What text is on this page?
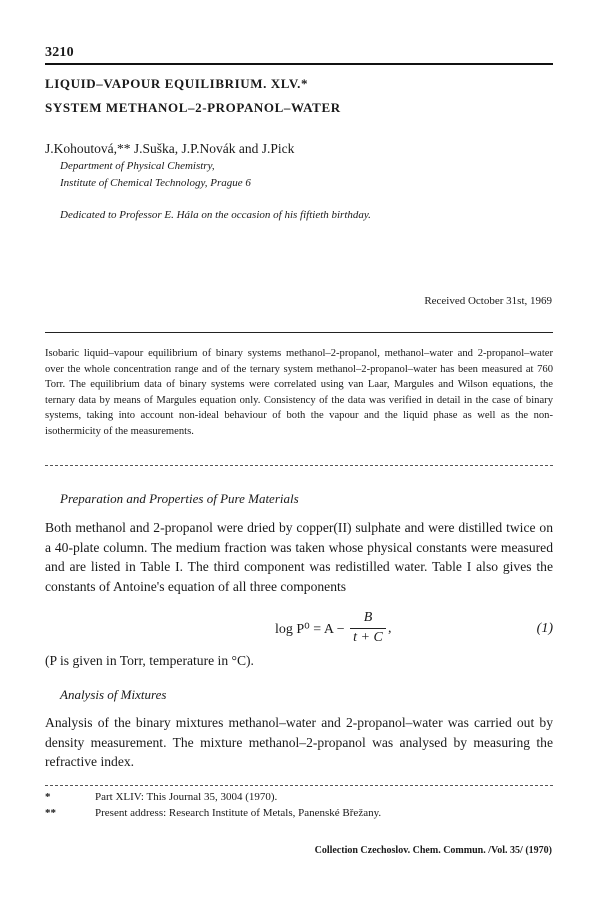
3210
LIQUID–VAPOUR EQUILIBRIUM. XLV.*
SYSTEM METHANOL–2-PROPANOL–WATER
J.Kohoutová,** J.Suška, J.P.Novák and J.Pick
Department of Physical Chemistry,
Institute of Chemical Technology, Prague 6
Dedicated to Professor E. Hála on the occasion of his fiftieth birthday.
Received October 31st, 1969
Isobaric liquid–vapour equilibrium of binary systems methanol–2-propanol, methanol–water and 2-propanol–water over the whole concentration range and of the ternary system methanol–2-propanol–water has been measured at 760 Torr. The equilibrium data of binary systems were correlated using van Laar, Margules and Wilson equations, the ternary data by means of Margules equation only. Consistency of the data was verified in detail in the case of binary systems, taking into account non-ideal behaviour of both the vapour and the liquid phase as well as the non-isothermicity of the measurements.
Preparation and Properties of Pure Materials
Both methanol and 2-propanol were dried by copper(II) sulphate and were distilled twice on a 40-plate column. The medium fraction was taken whose physical constants were measured and are listed in Table I. The third component was redistilled water. Table I also gives the constants of Antoine's equation of all three components
$\log P^0 = A - \frac{B}{t + C}$ ,	(1)
(P is given in Torr, temperature in °C).
Analysis of Mixtures
Analysis of the binary mixtures methanol–water and 2-propanol–water was carried out by density measurement. The mixture methanol–2-propanol was analysed by measuring the refractive index.
*	Part XLIV: This Journal 35, 3004 (1970).
**	Present address: Research Institute of Metals, Panenské Břežany.
Collection Czechoslov. Chem. Commun. /Vol. 35/ (1970)
